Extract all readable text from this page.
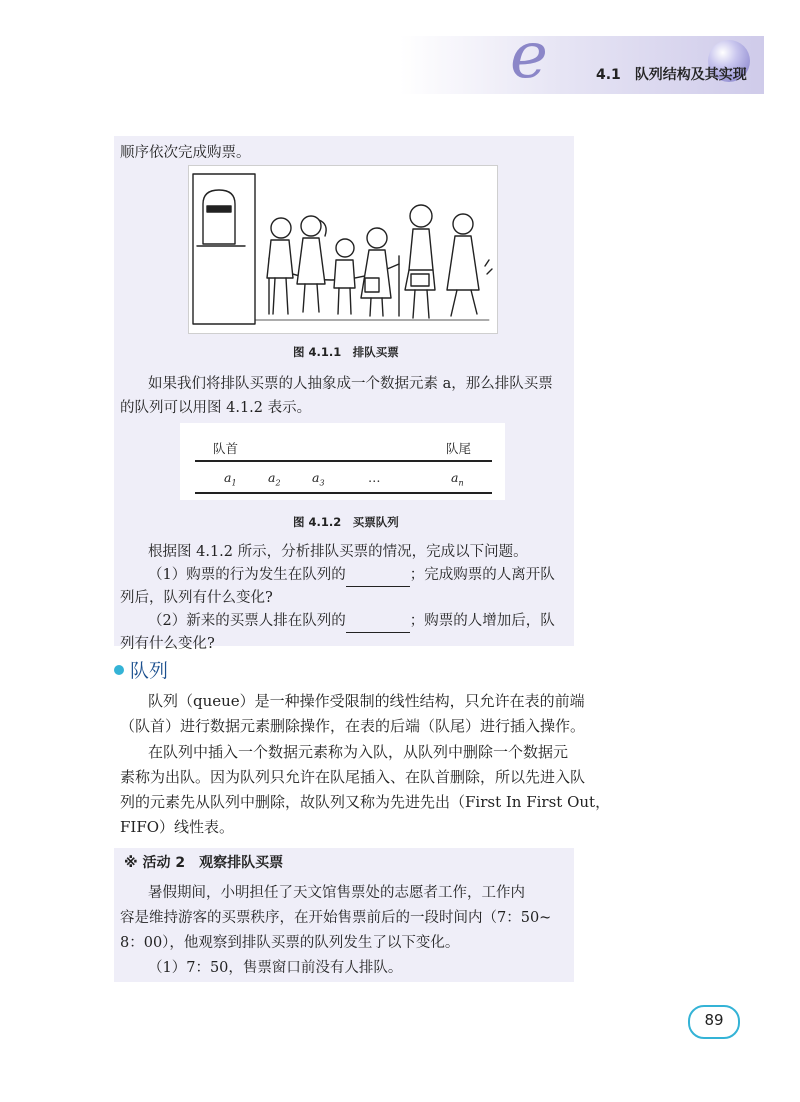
e	4.1 队列结构及其实现
顺序依次完成购票。
图 4.1.1　排队买票
如果我们将排队买票的人抽象成一个数据元素 a，那么排队买票
的队列可以用图 4.1.2 表示。
队首	队尾
$a_1$	$a_2$	$a_3$	…	$a_n$
图 4.1.2　买票队列
根据图 4.1.2 所示，分析排队买票的情况，完成以下问题。
（1）购票的行为发生在队列的	；完成购票的人离开队
列后，队列有什么变化?
（2）新来的买票人排在队列的	；购票的人增加后，队
列有什么变化?
队列
队列（queue）是一种操作受限制的线性结构，只允许在表的前端
（队首）进行数据元素删除操作，在表的后端（队尾）进行插入操作。
在队列中插入一个数据元素称为入队，从队列中删除一个数据元
素称为出队。因为队列只允许在队尾插入、在队首删除，所以先进入队
列的元素先从队列中删除，故队列又称为先进先出（First In First Out，
FIFO）线性表。
※ 活动 2　观察排队买票
暑假期间，小明担任了天文馆售票处的志愿者工作，工作内
容是维持游客的买票秩序，在开始售票前后的一段时间内（7：50~
8：00），他观察到排队买票的队列发生了以下变化。
（1）7：50，售票窗口前没有人排队。
89
